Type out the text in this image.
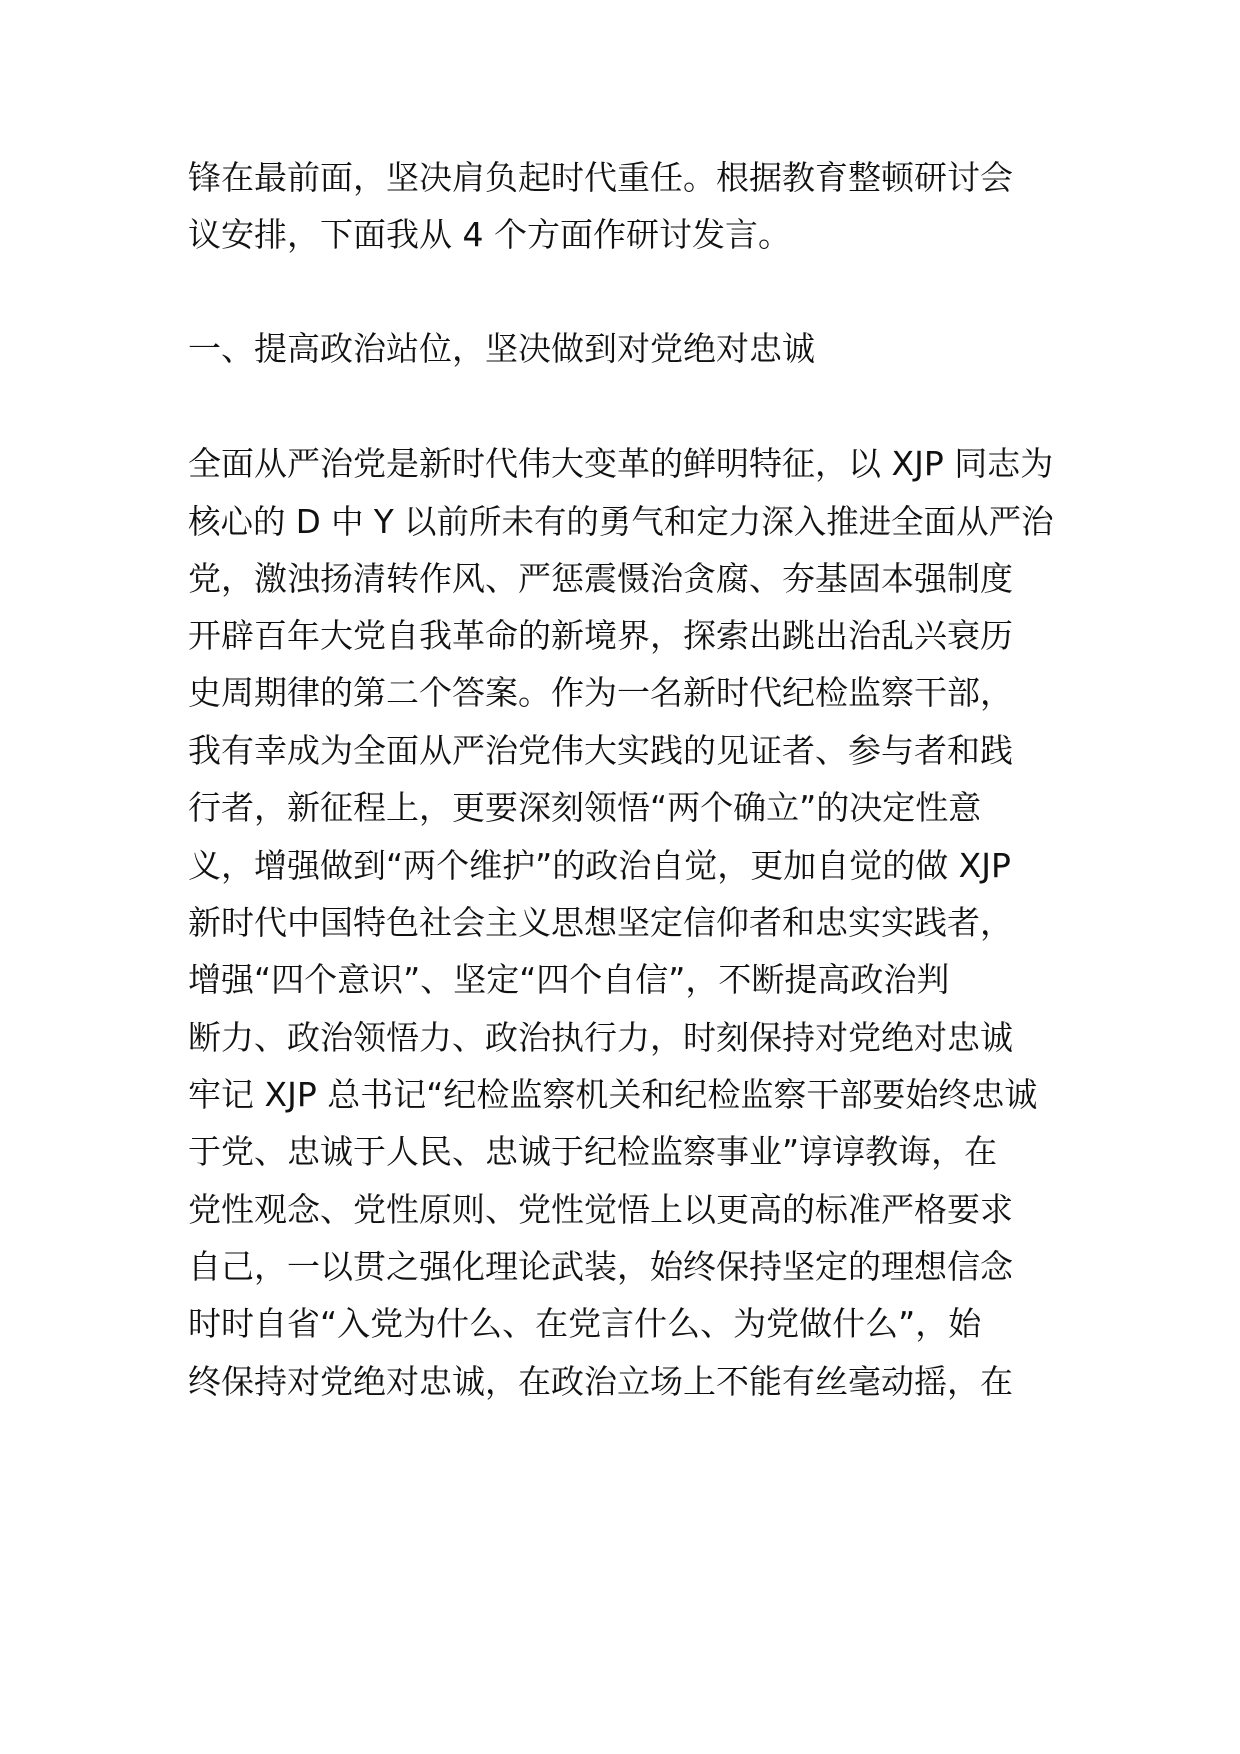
锋在最前面，坚决肩负起时代重任。根据教育整顿研讨会
议安排，下面我从 4 个方面作研讨发言。
一、提高政治站位，坚决做到对党绝对忠诚
全面从严治党是新时代伟大变革的鲜明特征，以 XJP 同志为
核心的 D 中 Y 以前所未有的勇气和定力深入推进全面从严治
党，激浊扬清转作风、严惩震慑治贪腐、夯基固本强制度
开辟百年大党自我革命的新境界，探索出跳出治乱兴衰历
史周期律的第二个答案。作为一名新时代纪检监察干部，
我有幸成为全面从严治党伟大实践的见证者、参与者和践
行者，新征程上，更要深刻领悟“两个确立”的决定性意
义，增强做到“两个维护”的政治自觉，更加自觉的做 XJP
新时代中国特色社会主义思想坚定信仰者和忠实实践者，
增强“四个意识”、坚定“四个自信”，不断提高政治判
断力、政治领悟力、政治执行力，时刻保持对党绝对忠诚
牢记 XJP 总书记“纪检监察机关和纪检监察干部要始终忠诚
于党、忠诚于人民、忠诚于纪检监察事业”谆谆教诲，在
党性观念、党性原则、党性觉悟上以更高的标准严格要求
自己，一以贯之强化理论武装，始终保持坚定的理想信念
时时自省“入党为什么、在党言什么、为党做什么”，始
终保持对党绝对忠诚，在政治立场上不能有丝毫动摇，在
